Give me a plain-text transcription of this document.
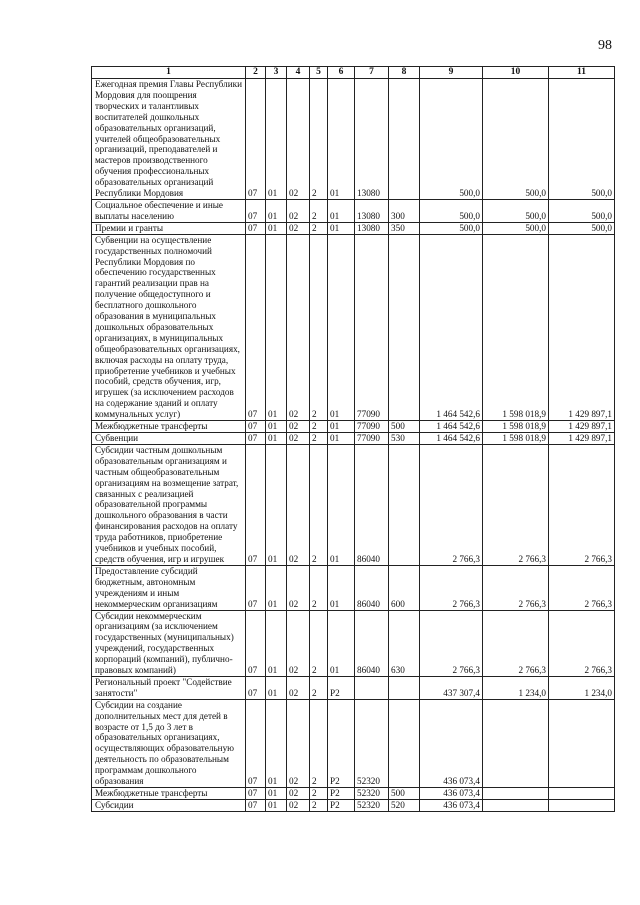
98
1	2	3	4	5	6	7	8	9	10	11
Ежегодная премия Главы Республики Мордовия для поощрения творческих и талантливых воспитателей дошкольных образовательных организаций, учителей общеобразовательных организаций, преподавателей и мастеров производственного обучения профессиональных образовательных организаций Республики Мордовия	07	01	02	2	01	13080		500,0	500,0	500,0
Социальное обеспечение и иные выплаты населению	07	01	02	2	01	13080	300	500,0	500,0	500,0
Премии и гранты	07	01	02	2	01	13080	350	500,0	500,0	500,0
Субвенции на осуществление государственных полномочий Республики Мордовия по обеспечению государственных гарантий реализации прав на получение общедоступного и бесплатного дошкольного образования в муниципальных дошкольных образовательных организациях, в муниципальных общеобразовательных организациях, включая расходы на оплату труда, приобретение учебников и учебных пособий, средств обучения, игр, игрушек (за исключением расходов на содержание зданий и оплату коммунальных услуг)	07	01	02	2	01	77090		1 464 542,6	1 598 018,9	1 429 897,1
Межбюджетные трансферты	07	01	02	2	01	77090	500	1 464 542,6	1 598 018,9	1 429 897,1
Субвенции	07	01	02	2	01	77090	530	1 464 542,6	1 598 018,9	1 429 897,1
Субсидии частным дошкольным образовательным организациям и частным общеобразовательным организациям на возмещение затрат, связанных с реализацией образовательной программы дошкольного образования в части финансирования расходов на оплату труда работников, приобретение учебников и учебных пособий, средств обучения, игр и игрушек	07	01	02	2	01	86040		2 766,3	2 766,3	2 766,3
Предоставление субсидий бюджетным, автономным учреждениям и иным некоммерческим организациям	07	01	02	2	01	86040	600	2 766,3	2 766,3	2 766,3
Субсидии некоммерческим организациям (за исключением государственных (муниципальных) учреждений, государственных корпораций (компаний), публично-правовых компаний)	07	01	02	2	01	86040	630	2 766,3	2 766,3	2 766,3
Региональный проект "Содействие занятости"	07	01	02	2	P2			437 307,4	1 234,0	1 234,0
Субсидии на создание дополнительных мест для детей в возрасте от 1,5 до 3 лет в образовательных организациях, осуществляющих образовательную деятельность по образовательным программам дошкольного образования	07	01	02	2	P2	52320		436 073,4		
Межбюджетные трансферты	07	01	02	2	P2	52320	500	436 073,4		
Субсидии	07	01	02	2	P2	52320	520	436 073,4		
